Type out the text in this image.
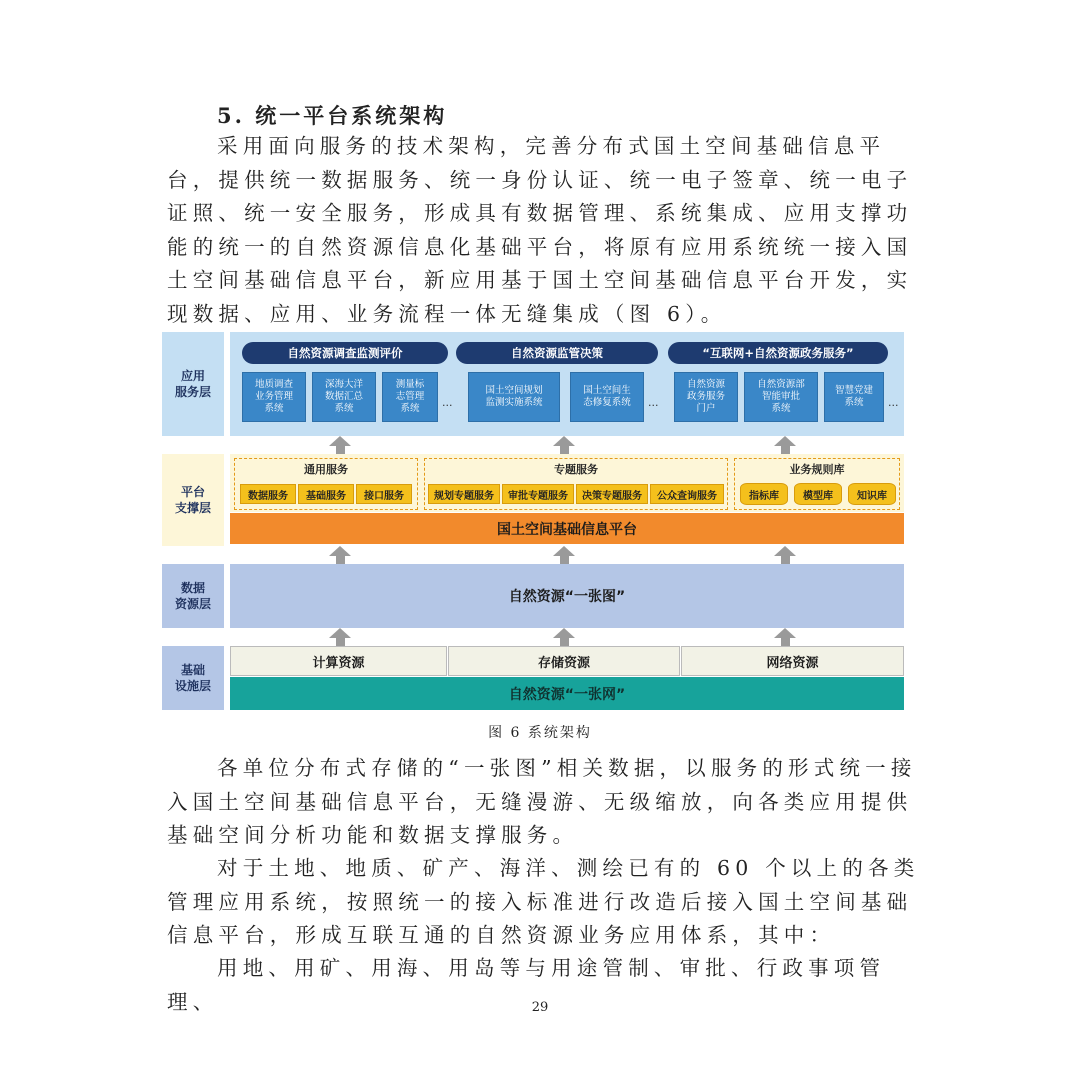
5. 统一平台系统架构

采用面向服务的技术架构，完善分布式国土空间基础信息平台，提供统一数据服务、统一身份认证、统一电子签章、统一电子证照、统一安全服务，形成具有数据管理、系统集成、应用支撑功能的统一的自然资源信息化基础平台，将原有应用系统统一接入国土空间基础信息平台，新应用基于国土空间基础信息平台开发，实现数据、应用、业务流程一体无缝集成（图 6）。

应用
服务层
自然资源调查监测评价	自然资源监管决策	“互联网+自然资源政务服务”
地质调查
业务管理
系统
深海大洋
数据汇总
系统
测量标
志管理
系统	...
国土空间规划
监测实施系统
国土空间生
态修复系统	...
自然资源
政务服务
门户
自然资源部
智能审批
系统
智慧党建
系统	...
平台
支撑层
通用服务
数据服务	基础服务	接口服务
专题服务
规划专题服务	审批专题服务	决策专题服务	公众查询服务
业务规则库
指标库	模型库	知识库
国土空间基础信息平台
数据
资源层	自然资源“一张图”
基础
设施层
计算资源	存储资源	网络资源
自然资源“一张网”
图 6 系统架构

各单位分布式存储的“一张图”相关数据，以服务的形式统一接入国土空间基础信息平台，无缝漫游、无级缩放，向各类应用提供基础空间分析功能和数据支撑服务。

对于土地、地质、矿产、海洋、测绘已有的 60 个以上的各类管理应用系统，按照统一的接入标准进行改造后接入国土空间基础信息平台，形成互联互通的自然资源业务应用体系，其中：

用地、用矿、用海、用岛等与用途管制、审批、行政事项管理、	29
